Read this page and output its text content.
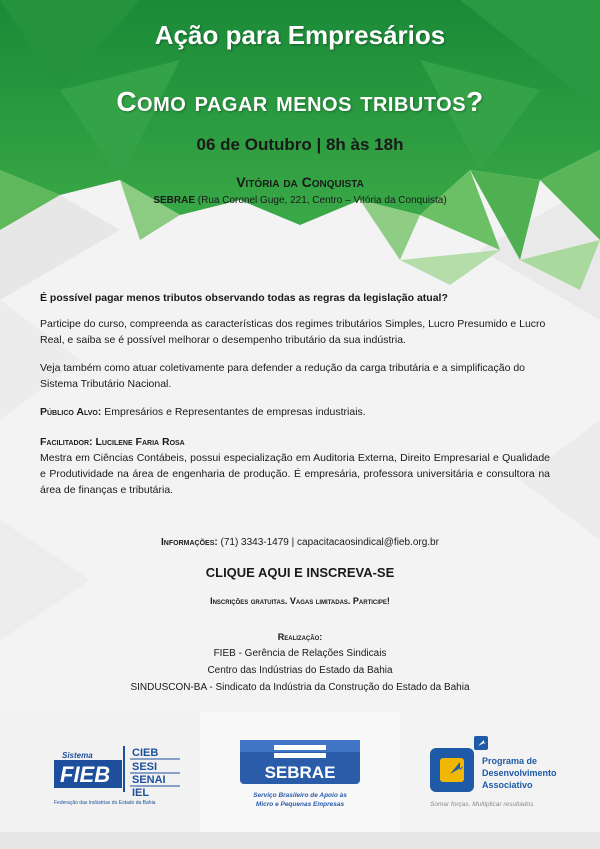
Ação para Empresários
Como pagar menos tributos?
06 de Outubro | 8h às 18h
Vitória da Conquista
SEBRAE (Rua Coronel Guge, 221, Centro – Vitória da Conquista)
É possível pagar menos tributos observando todas as regras da legislação atual?
Participe do curso, compreenda as características dos regimes tributários Simples, Lucro Presumido e Lucro Real, e saiba se é possível melhorar o desempenho tributário da sua indústria.
Veja também como atuar coletivamente para defender a redução da carga tributária e a simplificação do Sistema Tributário Nacional.
Público Alvo: Empresários e Representantes de empresas industriais.
Facilitador: Lucilene Faria Rosa
Mestra em Ciências Contábeis, possui especialização em Auditoria Externa, Direito Empresarial e Qualidade e Produtividade na área de engenharia de produção. É empresária, professora universitária e consultora na área de finanças e tributária.
Informações: (71) 3343-1479 | capacitacaosindical@fieb.org.br
CLIQUE AQUI E INSCREVA-SE
Inscrições gratuitas. Vagas limitadas. Participe!
Realização:
FIEB - Gerência de Relações Sindicais
Centro das Indústrias do Estado da Bahia
SINDUSCON-BA - Sindicato da Indústria da Construção do Estado da Bahia
Sistema
FIEB
CIEB
SESI
SENAI
IEL
Federação das Indústrias do Estado da Bahia
SEBRAE
Serviço Brasileiro de Apoio às
Micro e Pequenas Empresas
Programa de
Desenvolvimento
Associativo
Somar forças. Multiplicar resultados.
